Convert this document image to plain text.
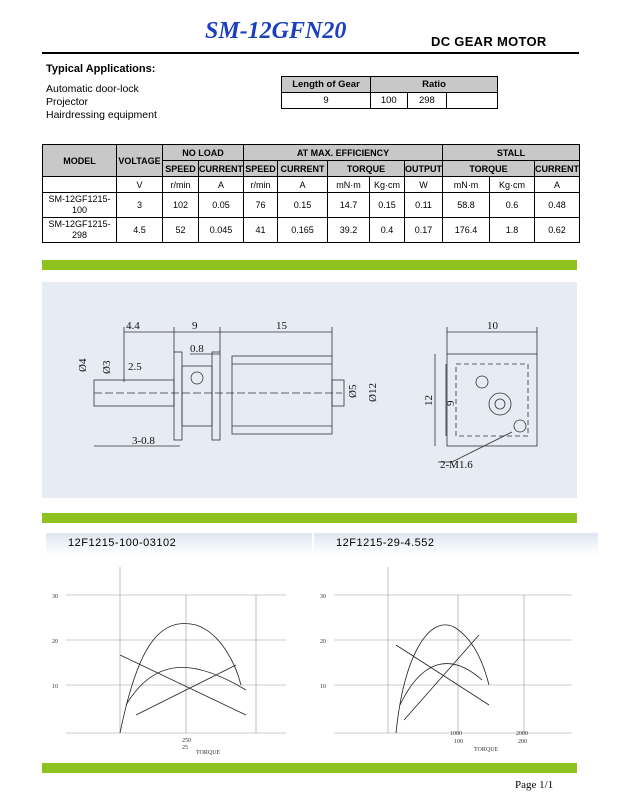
SM-12GFN20	DC GEAR MOTOR
Typical Applications:
Automatic door-lock
Projector
Hairdressing equipment
Length of Gear	Ratio		
9	100	298	
MODEL	VOLTAGE	NO LOAD		AT MAX. EFFICIENCY					STALL		
		SPEED	CURRENT	SPEED	CURRENT	TORQUE		OUTPUT	TORQUE		CURRENT
	V	r/min	A	r/min	A	mN·m	Kg·cm	W	mN·m	Kg·cm	A
SM-12GF1215-100	3	102	0.05	76	0.15	14.7	0.15	0.11	58.8	0.6	0.48
SM-12GF1215-298	4.5	52	0.045	41	0.165	39.2	0.4	0.17	176.4	1.8	0.62
4.4	9	15	10
0.8
2.5
3-0.8
Ø4 Ø3
Ø5 Ø12	12 9
2-M1.6
12F1215-100-03102
30
20
10
250
25
TORQUE
12F1215-29-4.552
30
20
10
1000	2000
100	200
TORQUE
Page 1/1
